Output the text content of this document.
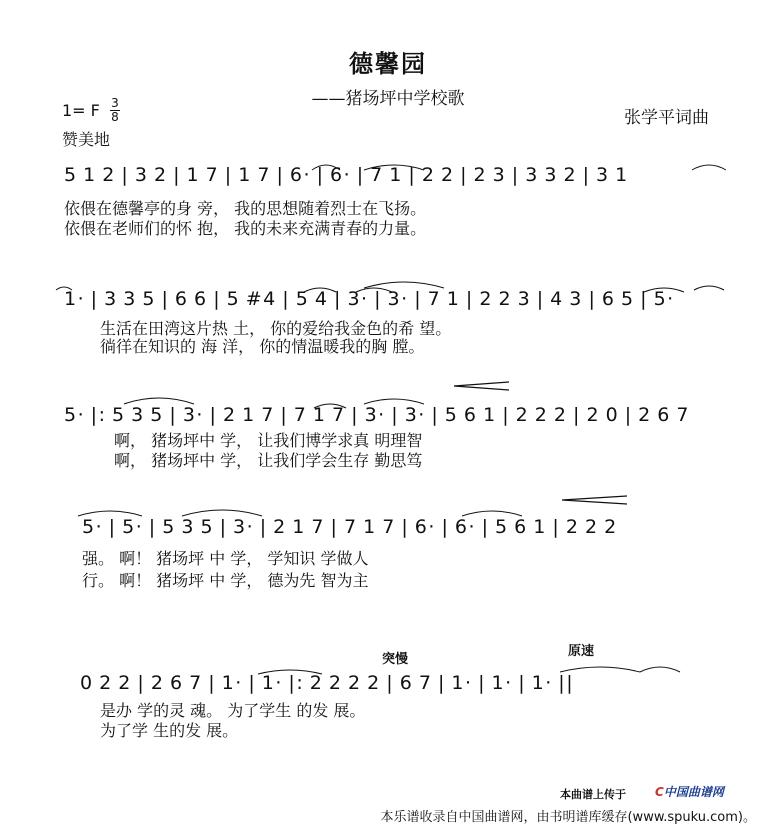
德馨园
——猪场坪中学校歌
1= F 3
8	张学平词曲
赞美地
5 1 2 | 3 2 | 1 7 | 1 7 | 6· | 6· | 7 1 | 2 2 | 2 3 | 3 3 2 | 3 1
依偎在德馨亭的身 旁， 我的思想随着烈士在飞扬。
依偎在老师们的怀 抱， 我的未来充满青春的力量。
1· | 3 3 5 | 6 6 | 5 #4 | 5 4 | 3· | 3· | 7 1 | 2 2 3 | 4 3 | 6 5 | 5·
生活在田湾这片热 土， 你的爱给我金色的希 望。
徜徉在知识的 海 洋， 你的情温暖我的胸 膛。
5· |: 5 3 5 | 3· | 2 1 7 | 7 1 7 | 3· | 3· | 5 6 1 | 2 2 2 | 2 0 | 2 6 7
啊， 猪场坪中 学， 让我们博学求真 明理智
啊， 猪场坪中 学， 让我们学会生存 勤思笃
5· | 5· | 5 3 5 | 3· | 2 1 7 | 7 1 7 | 6· | 6· | 5 6 1 | 2 2 2
强。 啊！ 猪场坪 中 学， 学知识 学做人
行。 啊！ 猪场坪 中 学， 德为先 智为主
突慢
原速
0 2 2 | 2 6 7 | 1· | 1· |: 2 2 2 2 | 6 7 | 1· | 1· | 1· ||
是办 学的灵 魂。 为了学生 的发 展。
为了学 生的发 展。
本曲谱上传于 C中国曲谱网
本乐谱收录自中国曲谱网，由书明谱库缓存(www.spuku.com)。
